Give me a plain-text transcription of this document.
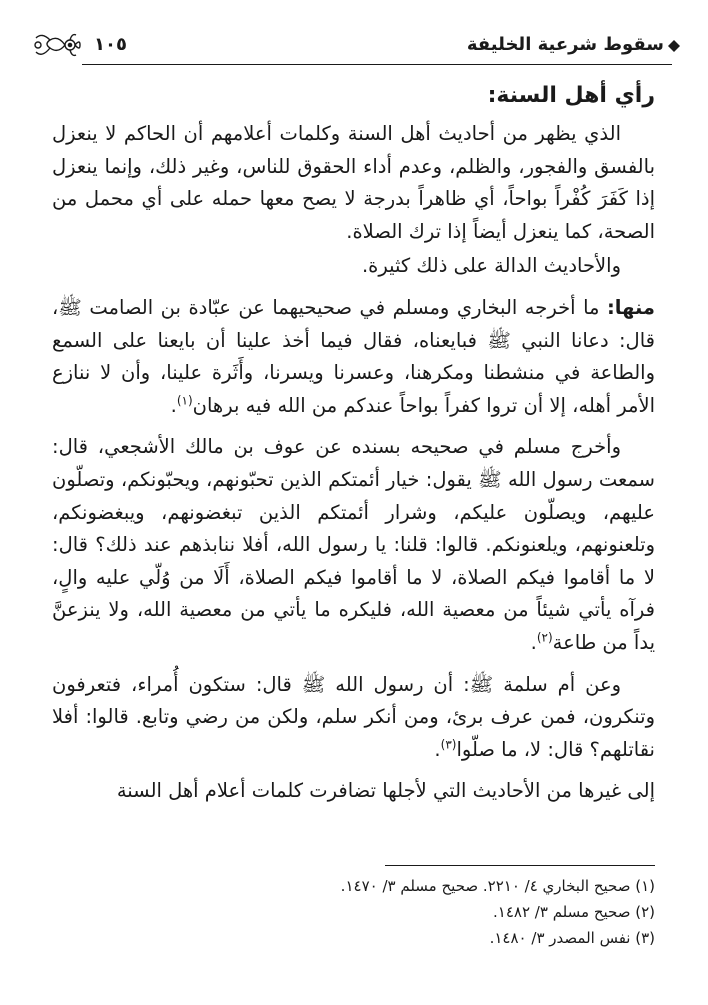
سقوط شرعية الخليفة
١٠٥
رأي أهل السنة:

الذي يظهر من أحاديث أهل السنة وكلمات أعلامهم أن الحاكم لا ينعزل بالفسق والفجور، والظلم، وعدم أداء الحقوق للناس، وغير ذلك، وإنما ينعزل إذا كَفَرَ كُفْراً بواحاً، أي ظاهراً بدرجة لا يصح معها حمله على أي محمل من الصحة، كما ينعزل أيضاً إذا ترك الصلاة.

والأحاديث الدالة على ذلك كثيرة.

منها: ما أخرجه البخاري ومسلم في صحيحيهما عن عبّادة بن الصامت ﷺ، قال: دعانا النبي ﷺ فبايعناه، فقال فيما أخذ علينا أن بايعنا على السمع والطاعة في منشطنا ومكرهنا، وعسرنا ويسرنا، وأَثَرة علينا، وأن لا ننازع الأمر أهله، إلا أن تروا كفراً بواحاً عندكم من الله فيه برهان$^{(١)}$.

وأخرج مسلم في صحيحه بسنده عن عوف بن مالك الأشجعي، قال: سمعت رسول الله ﷺ يقول: خيار أئمتكم الذين تحبّونهم، ويحبّونكم، وتصلّون عليهم، ويصلّون عليكم، وشرار أئمتكم الذين تبغضونهم، ويبغضونكم، وتلعنونهم، ويلعنونكم. قالوا: قلنا: يا رسول الله، أفلا ننابذهم عند ذلك؟ قال: لا ما أقاموا فيكم الصلاة، لا ما أقاموا فيكم الصلاة، أَلَا من وُلّي عليه والٍ، فرآه يأتي شيئاً من معصية الله، فليكره ما يأتي من معصية الله، ولا ينزعنَّ يداً من طاعة$^{(٢)}$.

وعن أم سلمة ﷺ: أن رسول الله ﷺ قال: ستكون أُمراء، فتعرفون وتنكرون، فمن عرف برئ، ومن أنكر سلم، ولكن من رضي وتابع. قالوا: أفلا نقاتلهم؟ قال: لا، ما صلّوا$^{(٣)}$.

إلى غيرها من الأحاديث التي لأجلها تضافرت كلمات أعلام أهل السنة

(١) صحيح البخاري ٤/ ٢٢١٠. صحيح مسلم ٣/ ١٤٧٠.

(٢) صحيح مسلم ٣/ ١٤٨٢.

(٣) نفس المصدر ٣/ ١٤٨٠.
